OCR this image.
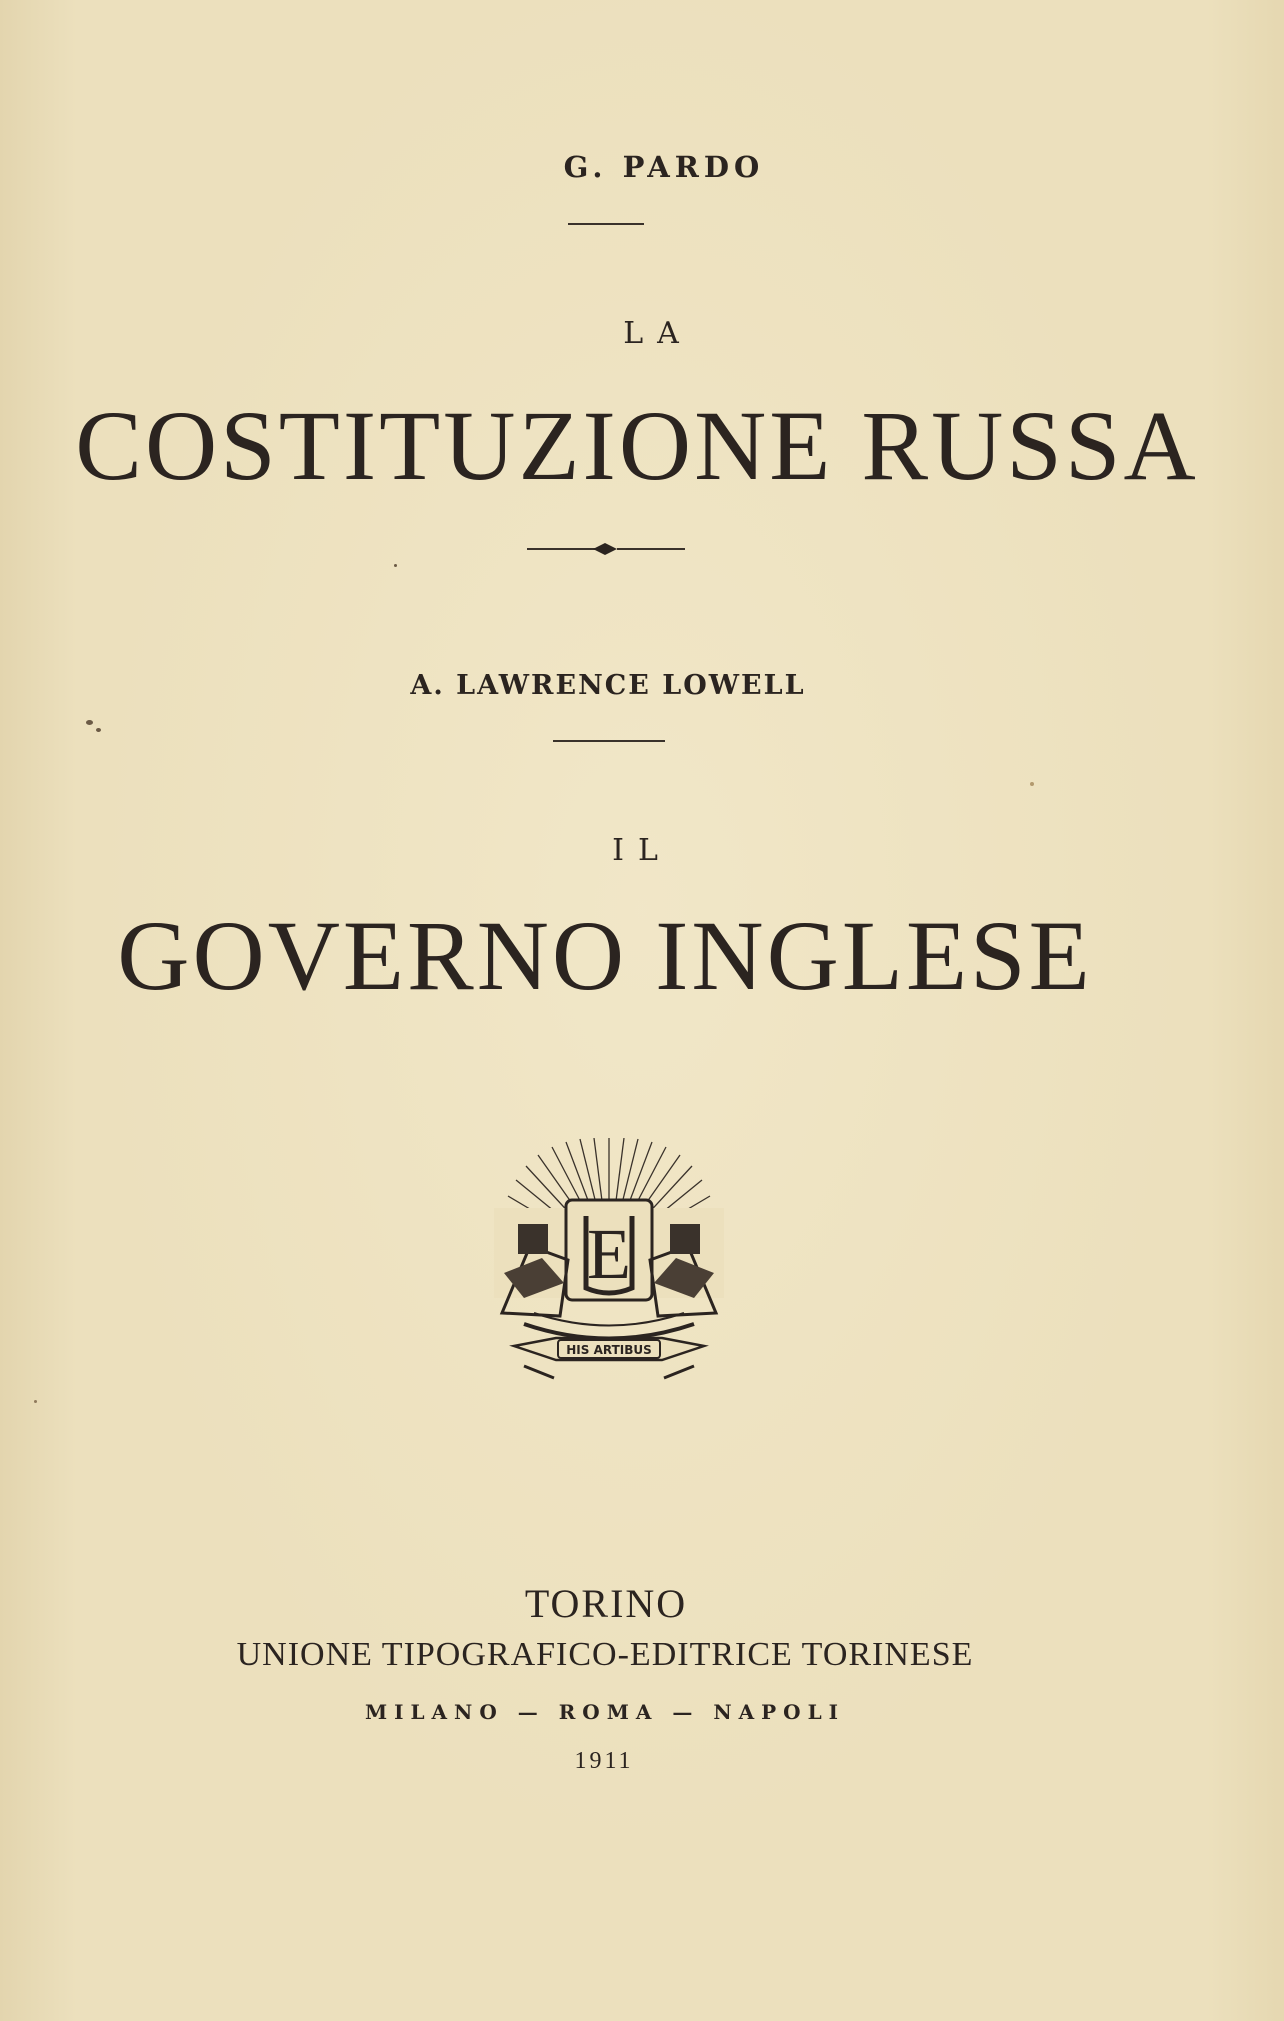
G. PARDO
LA
COSTITUZIONE RUSSA
A. LAWRENCE LOWELL
IL
GOVERNO INGLESE
E
HIS ARTIBUS
TORINO
UNIONE TIPOGRAFICO-EDITRICE TORINESE
MILANO — ROMA — NAPOLI
1911
